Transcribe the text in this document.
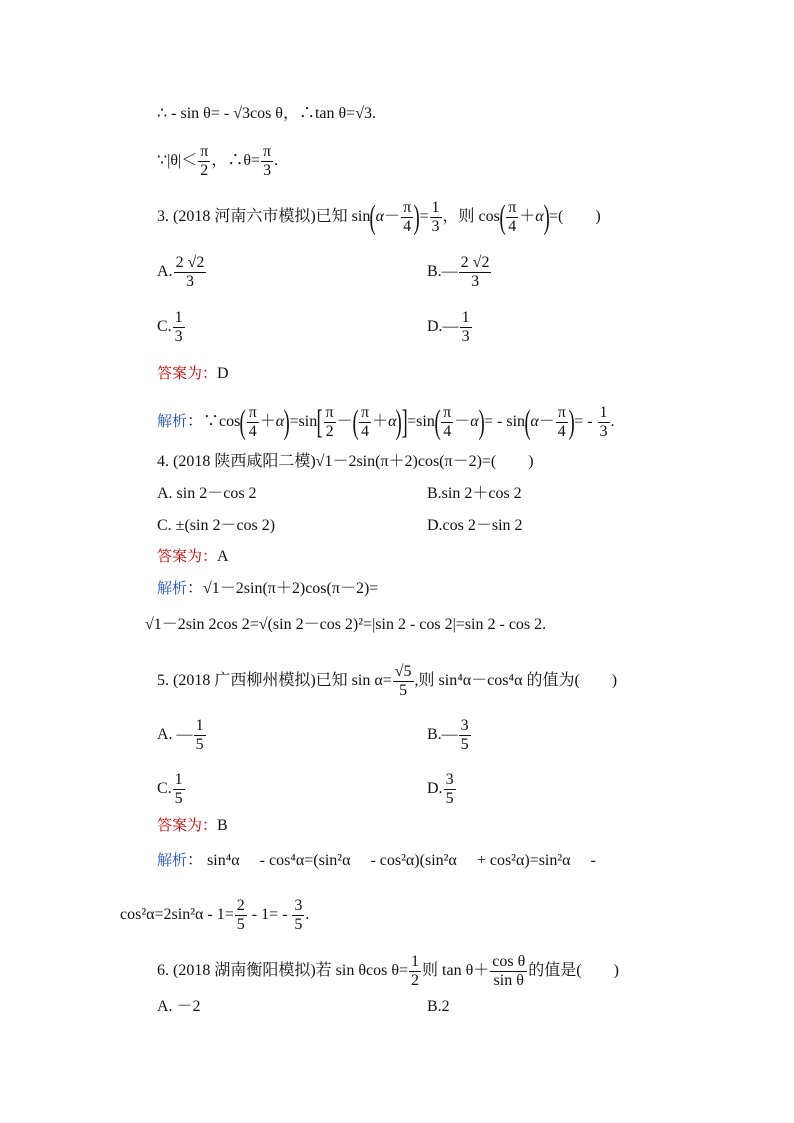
∴ - sin θ= - √3cos θ，∴tan θ=√3.
∵|θ|＜ $\frac{\pi}{2}$ ，∴θ= $\frac{\pi}{3}$ .
3. (2018 河南六市模拟)已知 $\sin(\alpha- \frac{\pi}{4}$ )= $\frac{1}{3}$ ，则 $\cos( \frac{\pi}{4} +\alpha)=$(　　)
A. $\frac{2 √2}{3}$	B.— $\frac{2 √2}{3}$
C. $\frac{1}{3}$	D.— $\frac{1}{3}$
答案为：D
解析：∵cos( $\frac{\pi}{4} +\alpha)=\sin[ \frac{\pi}{2}$ －( $\frac{\pi}{4} +\alpha)]=\sin( \frac{\pi}{4} -\alpha)= - \sin(\alpha- \frac{\pi}{4}$ )= - $\frac{1}{3}$ .
4. (2018 陕西咸阳二模)√1－2sin(π＋2)cos(π－2)=(　　)
A. sin 2－cos 2	B.sin 2＋cos 2
C. ±(sin 2－cos 2)	D.cos 2－sin 2
答案为：A
解析：√1－2sin(π＋2)cos(π－2)=
√1－2sin 2cos 2=√(sin 2－cos 2)²=|sin 2 - cos 2|=sin 2 - cos 2.
5. (2018 广西柳州模拟)已知 $\sin \alpha= \frac{√5}{5}$ ,则 sin⁴α－cos⁴α 的值为(　　)
A. — $\frac{1}{5}$	B.— $\frac{3}{5}$
C. $\frac{1}{5}$	D. $\frac{3}{5}$
答案为：B
解析： sin⁴α　 - cos⁴α=(sin²α　 - cos²α)(sin²α　 + cos²α)=sin²α　 -
$\cos^2\alpha=2\sin^2\alpha - 1= \frac{2}{5} - 1= - \frac{3}{5}$ .
6. (2018 湖南衡阳模拟)若 sin θcos $\theta= \frac{1}{2}$ 则 $\tan \theta+ \frac{\text{cos θ}}{\text{sin θ}}$ 的值是(　　)
A. －2	B.2
